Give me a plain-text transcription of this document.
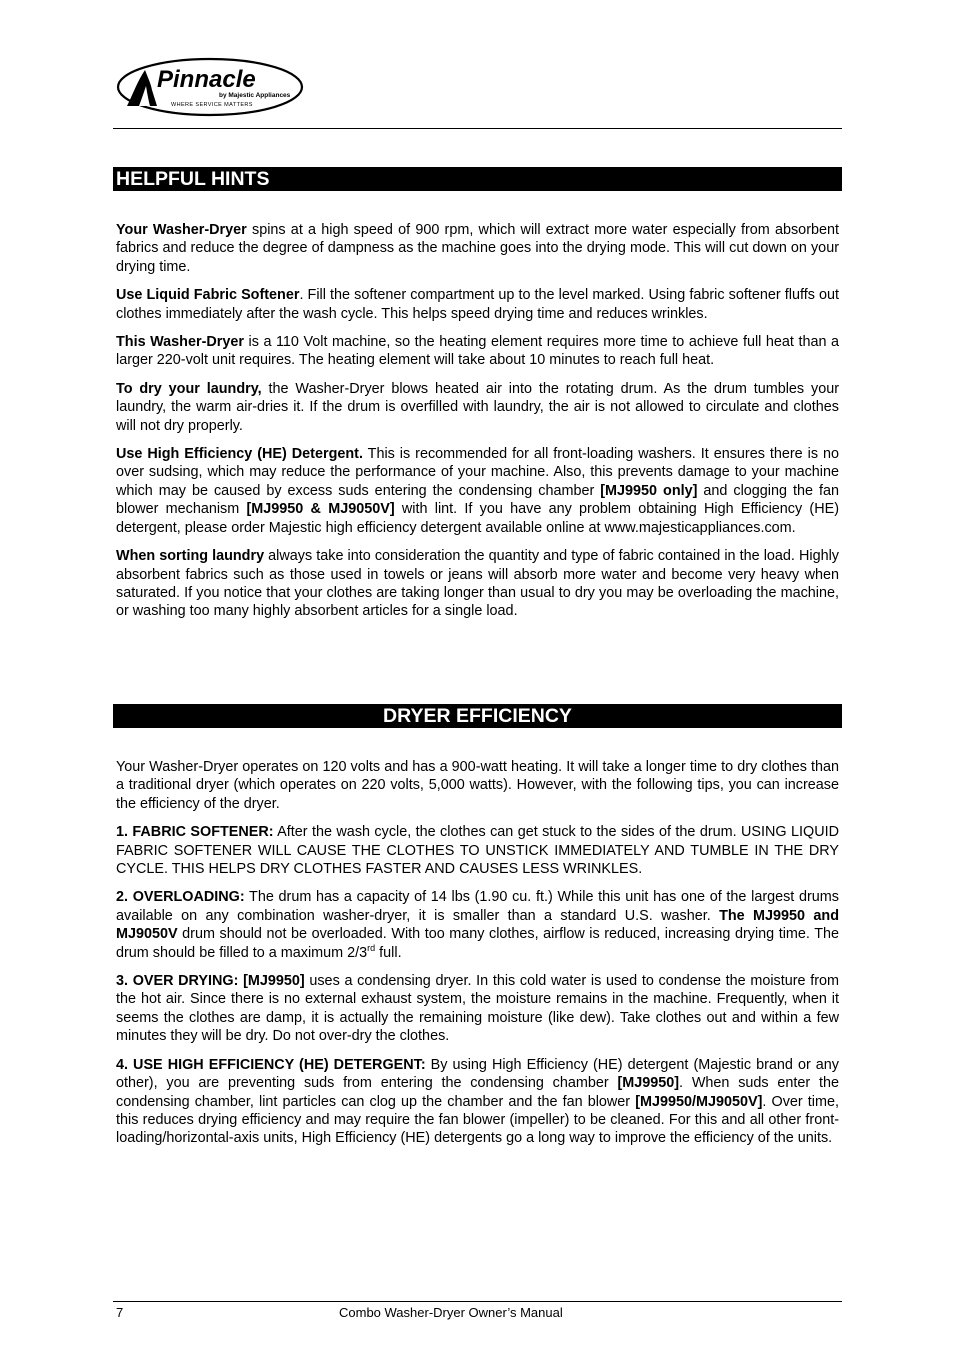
Pinnacle
by Majestic Appliances
WHERE SERVICE MATTERS
HELPFUL HINTS

Your Washer-Dryer spins at a high speed of 900 rpm, which will extract more water especially from absorbent fabrics and reduce the degree of dampness as the machine goes into the drying mode. This will cut down on your drying time.

Use Liquid Fabric Softener. Fill the softener compartment up to the level marked. Using fabric softener fluffs out clothes immediately after the wash cycle. This helps speed drying time and reduces wrinkles.

This Washer-Dryer is a 110 Volt machine, so the heating element requires more time to achieve full heat than a larger 220-volt unit requires. The heating element will take about 10 minutes to reach full heat.

To dry your laundry, the Washer-Dryer blows heated air into the rotating drum. As the drum tumbles your laundry, the warm air-dries it. If the drum is overfilled with laundry, the air is not allowed to circulate and clothes will not dry properly.

Use High Efficiency (HE) Detergent. This is recommended for all front-loading washers. It ensures there is no over sudsing, which may reduce the performance of your machine. Also, this prevents damage to your machine which may be caused by excess suds entering the condensing chamber [MJ9950 only] and clogging the fan blower mechanism [MJ9950 & MJ9050V] with lint. If you have any problem obtaining High Efficiency (HE) detergent, please order Majestic high efficiency detergent available online at www.majesticappliances.com.

When sorting laundry always take into consideration the quantity and type of fabric contained in the load. Highly absorbent fabrics such as those used in towels or jeans will absorb more water and become very heavy when saturated. If you notice that your clothes are taking longer than usual to dry you may be overloading the machine, or washing too many highly absorbent articles for a single load.

DRYER EFFICIENCY

Your Washer-Dryer operates on 120 volts and has a 900-watt heating. It will take a longer time to dry clothes than a traditional dryer (which operates on 220 volts, 5,000 watts). However, with the following tips, you can increase the efficiency of the dryer.

1. FABRIC SOFTENER: After the wash cycle, the clothes can get stuck to the sides of the drum. USING LIQUID FABRIC SOFTENER WILL CAUSE THE CLOTHES TO UNSTICK IMMEDIATELY AND TUMBLE IN THE DRY CYCLE. THIS HELPS DRY CLOTHES FASTER AND CAUSES LESS WRINKLES.

2. OVERLOADING: The drum has a capacity of 14 lbs (1.90 cu. ft.) While this unit has one of the largest drums available on any combination washer-dryer, it is smaller than a standard U.S. washer. The MJ9950 and MJ9050V drum should not be overloaded. With too many clothes, airflow is reduced, increasing drying time. The drum should be filled to a maximum 2/3rd full.

3. OVER DRYING: [MJ9950] uses a condensing dryer. In this cold water is used to condense the moisture from the hot air. Since there is no external exhaust system, the moisture remains in the machine. Frequently, when it seems the clothes are damp, it is actually the remaining moisture (like dew). Take clothes out and within a few minutes they will be dry. Do not over-dry the clothes.

4. USE HIGH EFFICIENCY (HE) DETERGENT: By using High Efficiency (HE) detergent (Majestic brand or any other), you are preventing suds from entering the condensing chamber [MJ9950]. When suds enter the condensing chamber, lint particles can clog up the chamber and the fan blower [MJ9950/MJ9050V]. Over time, this reduces drying efficiency and may require the fan blower (impeller) to be cleaned. For this and all other front-loading/horizontal-axis units, High Efficiency (HE) detergents go a long way to improve the efficiency of the units.

7	Combo Washer-Dryer Owner’s Manual
